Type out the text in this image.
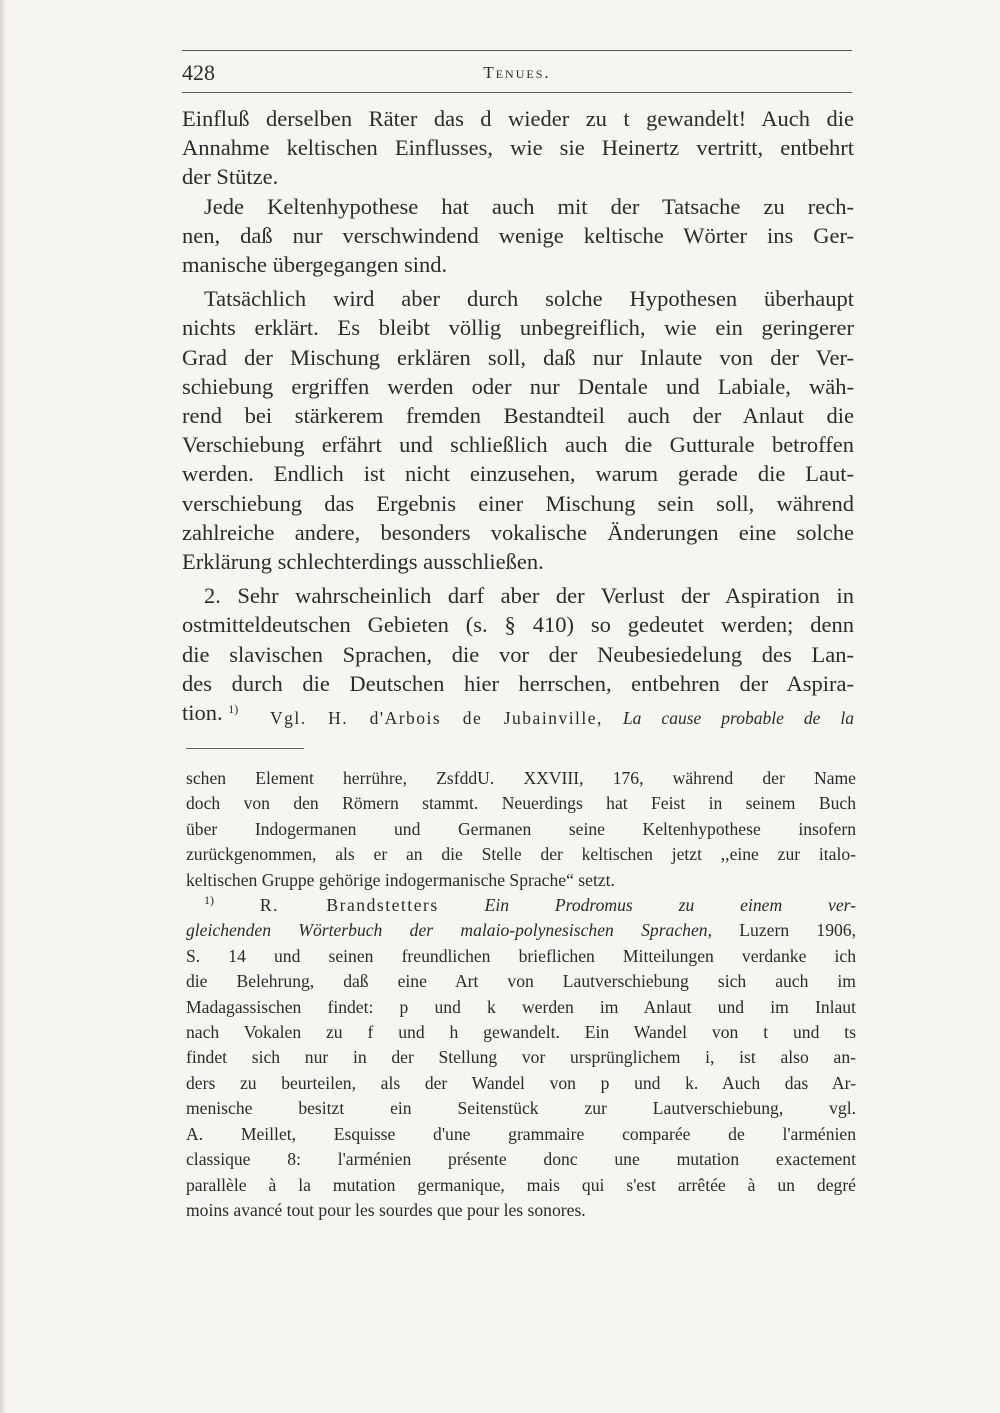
428	Tenues.
Einfluß derselben Räter das d wieder zu t gewandelt! Auch die
Annahme keltischen Einflusses, wie sie Heinertz vertritt, entbehrt
der Stütze.
Jede Keltenhypothese hat auch mit der Tatsache zu rech-
nen, daß nur verschwindend wenige keltische Wörter ins Ger-
manische übergegangen sind.
Tatsächlich wird aber durch solche Hypothesen überhaupt
nichts erklärt. Es bleibt völlig unbegreiflich, wie ein geringerer
Grad der Mischung erklären soll, daß nur Inlaute von der Ver-
schiebung ergriffen werden oder nur Dentale und Labiale, wäh-
rend bei stärkerem fremden Bestandteil auch der Anlaut die
Verschiebung erfährt und schließlich auch die Gutturale betroffen
werden. Endlich ist nicht einzusehen, warum gerade die Laut-
verschiebung das Ergebnis einer Mischung sein soll, während
zahlreiche andere, besonders vokalische Änderungen eine solche
Erklärung schlechterdings ausschließen.
2. Sehr wahrscheinlich darf aber der Verlust der Aspiration in
ostmitteldeutschen Gebieten (s. § 410) so gedeutet werden; denn
die slavischen Sprachen, die vor der Neubesiedelung des Lan-
des durch die Deutschen hier herrschen, entbehren der Aspira-
tion. $^{1)}$	Vgl. H. d'Arbois de Jubainville, La cause probable de la
schen Element herrühre, ZsfddU. XXVIII, 176, während der Name
doch von den Römern stammt. Neuerdings hat Feist in seinem Buch
über Indogermanen und Germanen seine Keltenhypothese insofern
zurückgenommen, als er an die Stelle der keltischen jetzt ,,eine zur italo-
keltischen Gruppe gehörige indogermanische Sprache“ setzt.
$^{1)}$	R. Brandstetters	Ein Prodromus zu einem ver-
gleichenden Wörterbuch der malaio-polynesischen Sprachen, Luzern 1906,
S. 14 und seinen freundlichen brieflichen Mitteilungen verdanke ich
die Belehrung, daß eine Art von Lautverschiebung sich auch im
Madagassischen findet: p und k werden im Anlaut und im Inlaut
nach Vokalen zu f und h gewandelt. Ein Wandel von t und ts
findet sich nur in der Stellung vor ursprünglichem i, ist also an-
ders zu beurteilen, als der Wandel von p und k. Auch das Ar-
menische besitzt ein Seitenstück zur Lautverschiebung, vgl.
A. Meillet, Esquisse d'une grammaire comparée de l'arménien
classique 8: l'arménien présente donc une mutation exactement
parallèle à la mutation germanique, mais qui s'est arrêtée à un degré
moins avancé tout pour les sourdes que pour les sonores.
